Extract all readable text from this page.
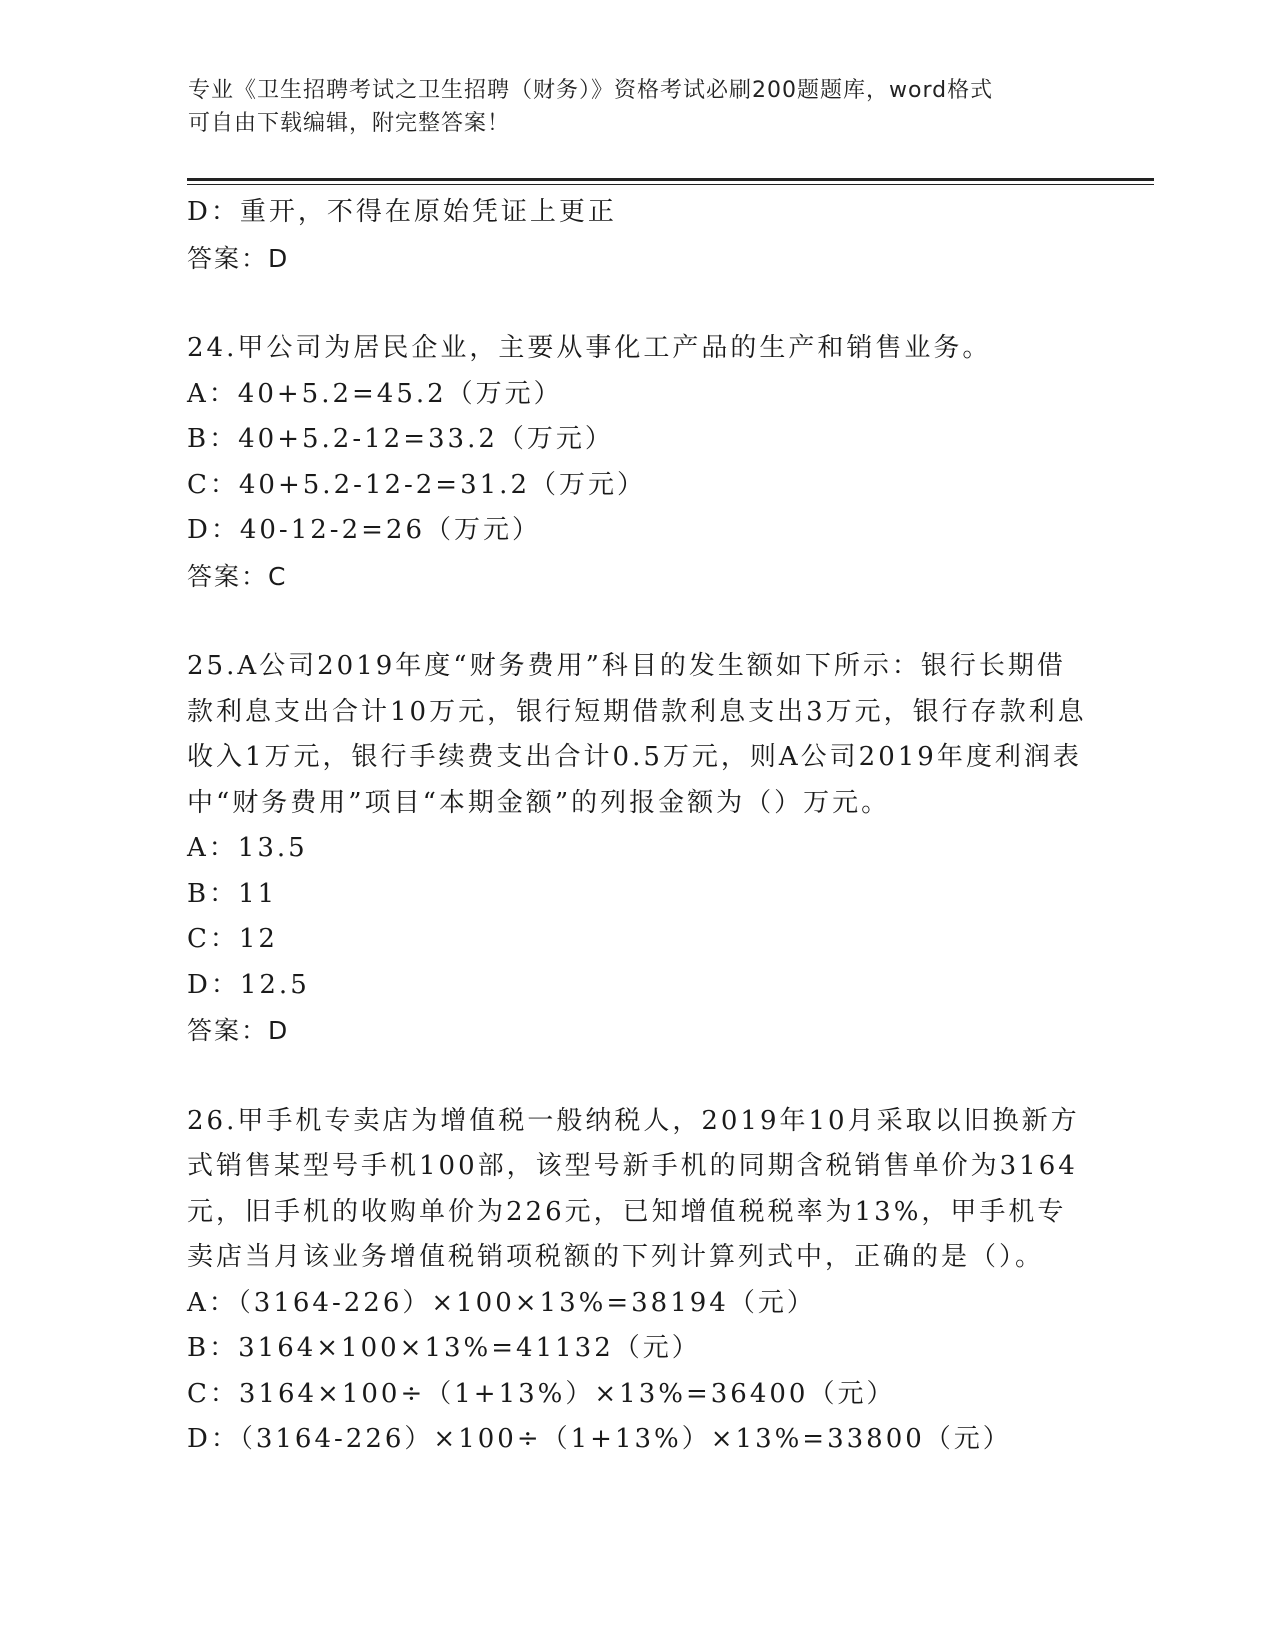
专业《卫生招聘考试之卫生招聘（财务）》资格考试必刷200题题库，word格式
可自由下载编辑，附完整答案！
D：重开，不得在原始凭证上更正
答案：D
24.甲公司为居民企业，主要从事化工产品的生产和销售业务。
A：40+5.2=45.2（万元）
B：40+5.2-12=33.2（万元）
C：40+5.2-12-2=31.2（万元）
D：40-12-2=26（万元）
答案：C
25.A公司2019年度“财务费用”科目的发生额如下所示：银行长期借款利息支出合计10万元，银行短期借款利息支出3万元，银行存款利息收入1万元，银行手续费支出合计0.5万元，则A公司2019年度利润表中“财务费用”项目“本期金额”的列报金额为（）万元。
A：13.5
B：11
C：12
D：12.5
答案：D
26.甲手机专卖店为增值税一般纳税人，2019年10月采取以旧换新方式销售某型号手机100部，该型号新手机的同期含税销售单价为3164元，旧手机的收购单价为226元，已知增值税税率为13%，甲手机专卖店当月该业务增值税销项税额的下列计算列式中，正确的是（）。
A：（3164-226）×100×13%=38194（元）
B：3164×100×13%=41132（元）
C：3164×100÷（1+13%）×13%=36400（元）
D：（3164-226）×100÷（1+13%）×13%=33800（元）
